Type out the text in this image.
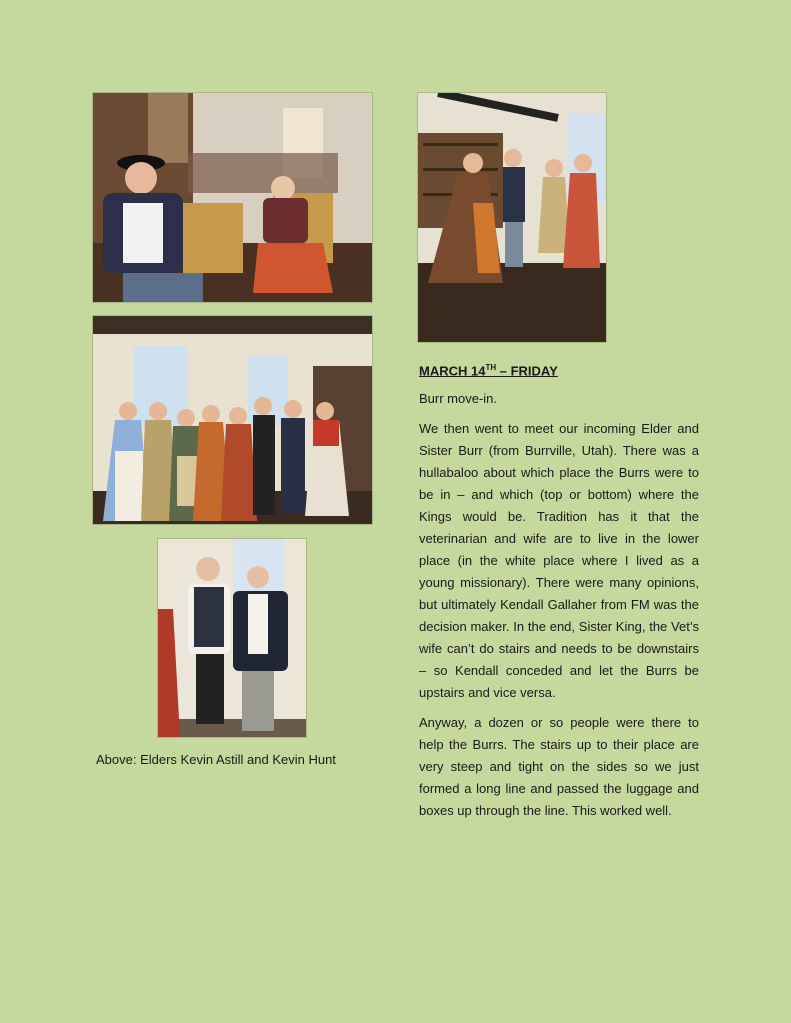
Above: Elders Kevin Astill and Kevin Hunt

MARCH 14TH – FRIDAY

Burr move-in.

We then went to meet our incoming Elder and Sister Burr (from Burrville, Utah). There was a hullabaloo about which place the Burrs were to be in – and which (top or bottom) where the Kings would be. Tradition has it that the veterinarian and wife are to live in the lower place (in the white place where I lived as a young missionary). There were many opinions, but ultimately Kendall Gallaher from FM was the decision maker. In the end, Sister King, the Vet’s wife can’t do stairs and needs to be downstairs – so Kendall conceded and let the Burrs be upstairs and vice versa.

Anyway, a dozen or so people were there to help the Burrs. The stairs up to their place are very steep and tight on the sides so we just formed a long line and passed the luggage and boxes up through the line. This worked well.
